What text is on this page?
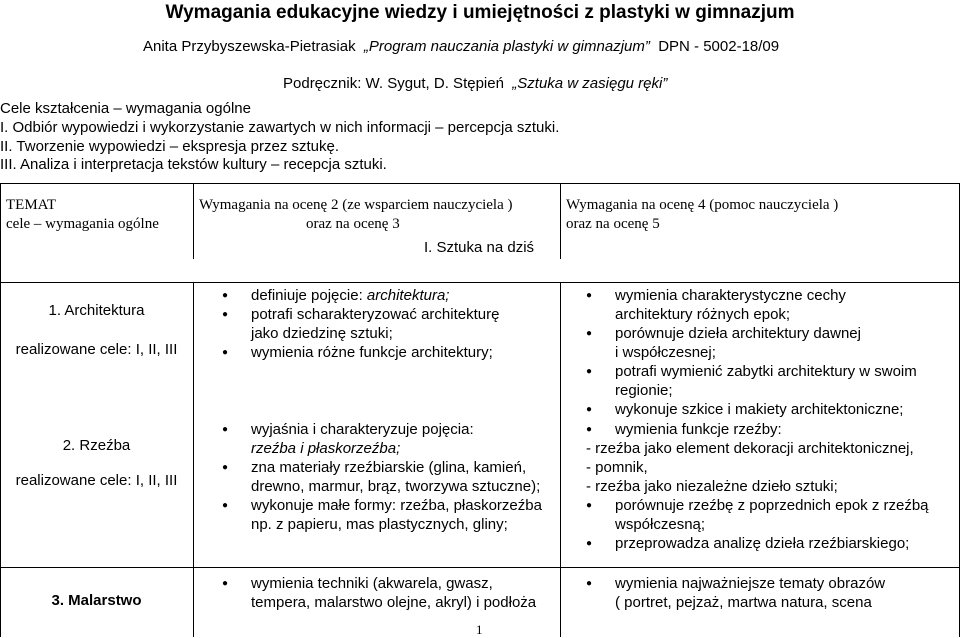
Wymagania edukacyjne wiedzy i umiejętności z plastyki w gimnazjum
Anita Przybyszewska-Pietrasiak „Program nauczania plastyki w gimnazjum” DPN - 5002-18/09
Podręcznik: W. Sygut, D. Stępień „Sztuka w zasięgu ręki”
Cele kształcenia – wymagania ogólne
I. Odbiór wypowiedzi i wykorzystanie zawartych w nich informacji – percepcja sztuki.
II. Tworzenie wypowiedzi – ekspresja przez sztukę.
III. Analiza i interpretacja tekstów kultury – recepcja sztuki.
TEMAT
cele – wymagania ogólne
Wymagania na ocenę 2 (ze wsparciem nauczyciela )
oraz na ocenę 3
Wymagania na ocenę 4 (pomoc nauczyciela )
oraz na ocenę 5
I. Sztuka na dziś
1. Architektura
realizowane cele: I, II, III
● definiuje pojęcie: architektura;
● potrafi scharakteryzować architekturę
jako dziedzinę sztuki;
● wymienia różne funkcje architektury;
● wymienia charakterystyczne cechy
architektury różnych epok;
● porównuje dzieła architektury dawnej
i współczesnej;
● potrafi wymienić zabytki architektury w swoim
regionie;
● wykonuje szkice i makiety architektoniczne;
2. Rzeźba
realizowane cele: I, II, III
● wyjaśnia i charakteryzuje pojęcia:
rzeźba i płaskorzeźba;
● zna materiały rzeźbiarskie (glina, kamień,
drewno, marmur, brąz, tworzywa sztuczne);
● wykonuje małe formy: rzeźba, płaskorzeźba
np. z papieru, mas plastycznych, gliny;
● wymienia funkcje rzeźby:
- rzeźba jako element dekoracji architektonicznej,
- pomnik,
- rzeźba jako niezależne dzieło sztuki;
● porównuje rzeźbę z poprzednich epok z rzeźbą
współczesną;
● przeprowadza analizę dzieła rzeźbiarskiego;
3. Malarstwo
● wymienia techniki (akwarela, gwasz,
tempera, malarstwo olejne, akryl) i podłoża
● wymienia najważniejsze tematy obrazów
( portret, pejzaż, martwa natura, scena
1
